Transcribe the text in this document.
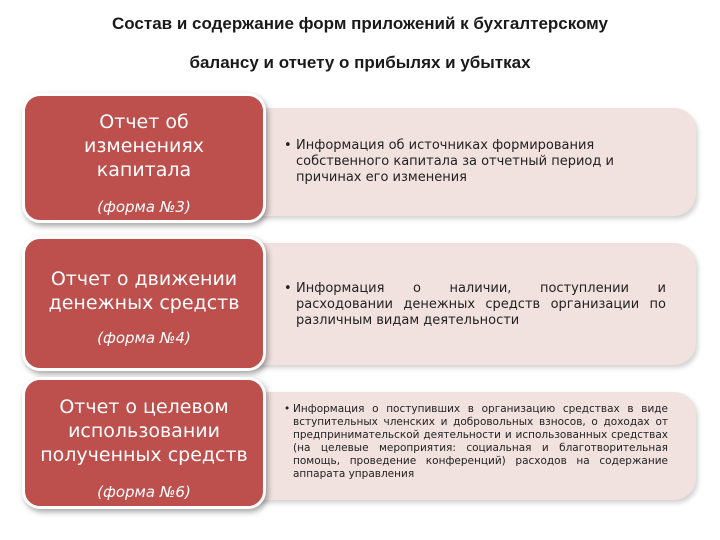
Состав и содержание форм приложений к бухгалтерскому
балансу и отчету о прибылях и убытках
Отчет об изменениях капитала
(форма №3)
• Информация об источниках формирования собственного капитала за отчетный период и причинах его изменения
Отчет о движении денежных средств
(форма №4)
• Информация о наличии, поступлении и расходовании денежных средств организации по различным видам деятельности
Отчет о целевом использовании полученных средств
(форма №6)
• Информация о поступивших в организацию средствах в виде вступительных членских и добровольных взносов, о доходах от предпринимательской деятельности и использованных средствах (на целевые мероприятия: социальная и благотворительная помощь, проведение конференций) расходов на содержание аппарата управления
